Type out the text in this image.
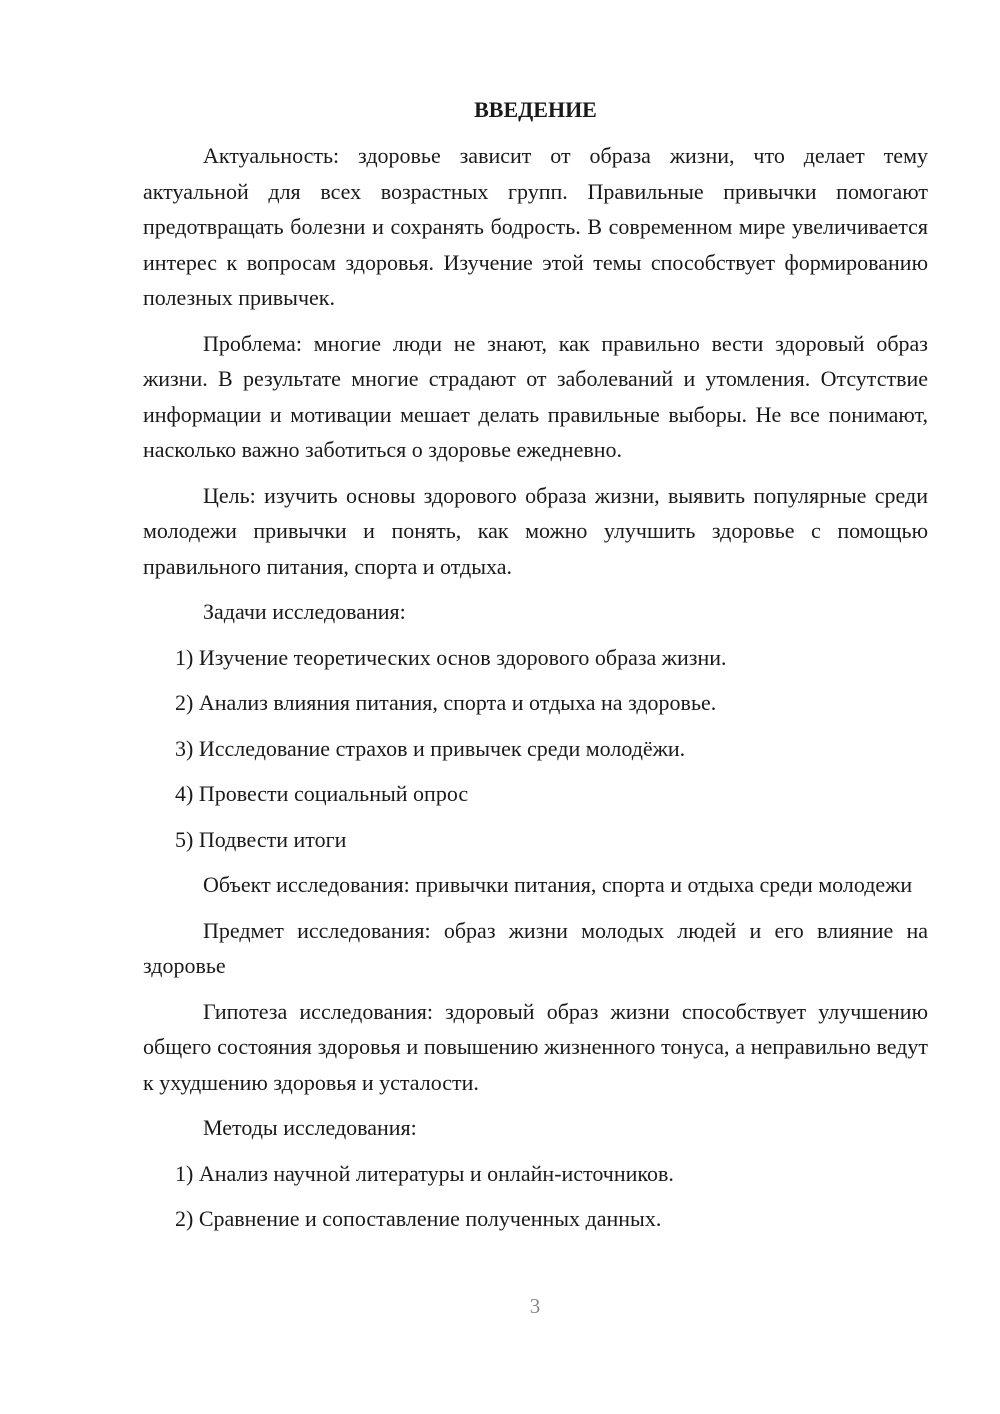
ВВЕДЕНИЕ

Актуальность: здоровье зависит от образа жизни, что делает тему актуальной для всех возрастных групп. Правильные привычки помогают предотвращать болезни и сохранять бодрость. В современном мире увеличивается интерес к вопросам здоровья. Изучение этой темы способствует формированию полезных привычек.

Проблема: многие люди не знают, как правильно вести здоровый образ жизни. В результате многие страдают от заболеваний и утомления. Отсутствие информации и мотивации мешает делать правильные выборы. Не все понимают, насколько важно заботиться о здоровье ежедневно.

Цель: изучить основы здорового образа жизни, выявить популярные среди молодежи привычки и понять, как можно улучшить здоровье с помощью правильного питания, спорта и отдыха.

Задачи исследования:

1) Изучение теоретических основ здорового образа жизни.
2) Анализ влияния питания, спорта и отдыха на здоровье.
3) Исследование страхов и привычек среди молодёжи.
4) Провести социальный опрос
5) Подвести итоги

Объект исследования: привычки питания, спорта и отдыха среди молодежи

Предмет исследования: образ жизни молодых людей и его влияние на здоровье

Гипотеза исследования: здоровый образ жизни способствует улучшению общего состояния здоровья и повышению жизненного тонуса, а неправильно ведут к ухудшению здоровья и усталости.

Методы исследования:

1) Анализ научной литературы и онлайн-источников.
2) Сравнение и сопоставление полученных данных.
3
